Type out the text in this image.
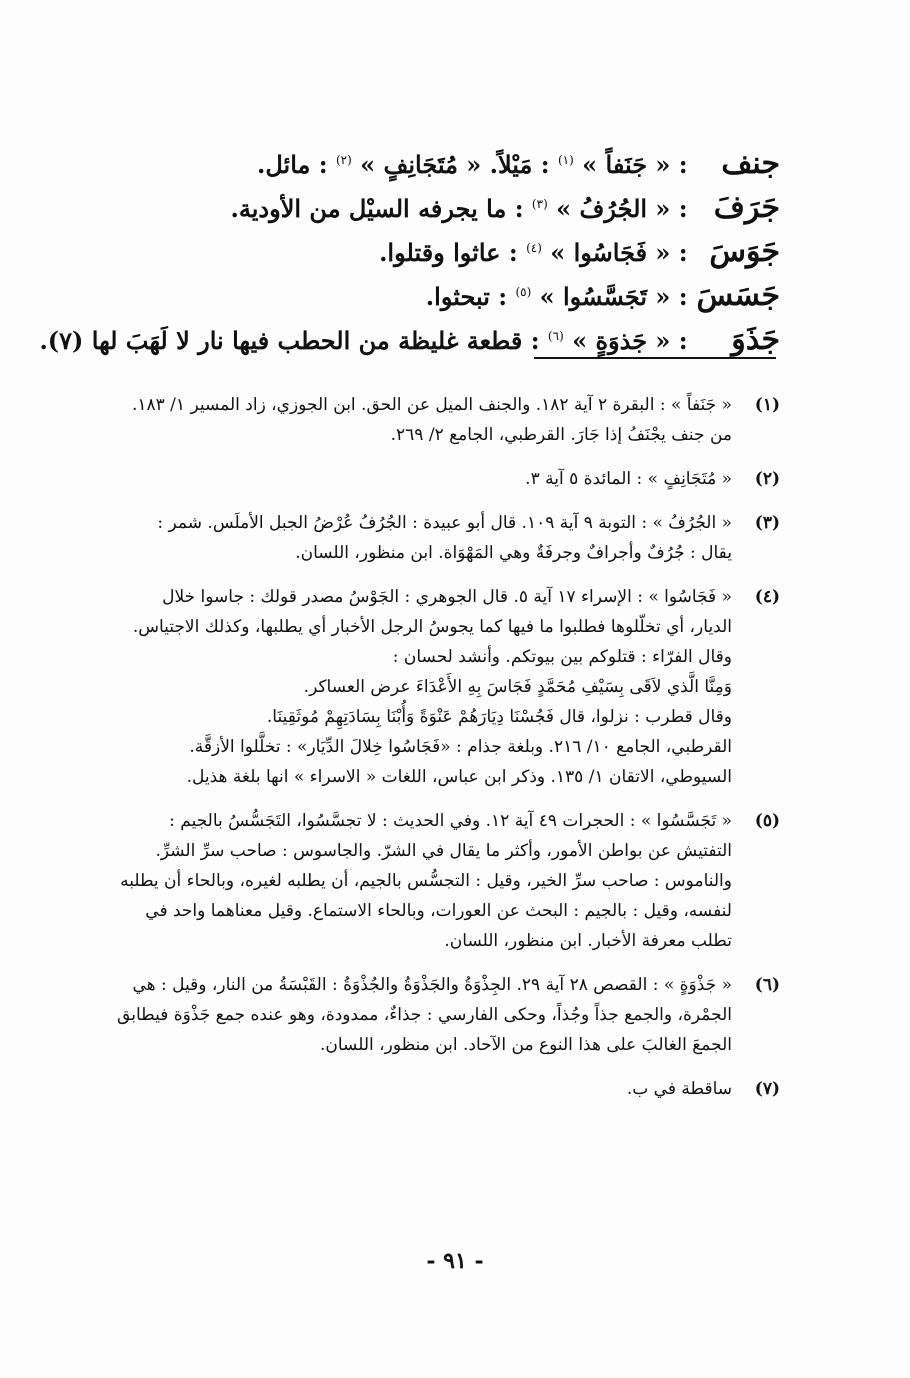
جنف : « جَنَفاً » $^{(١)}$ : مَيْلاً. « مُتَجَانِفٍ » $^{(٢)}$ : مائل.
جَرَفَ : « الجُرُفُ » $^{(٣)}$ : ما يجرفه السيْل من الأودية.
جَوَسَ : « فَجَاسُوا » $^{(٤)}$ : عاثوا وقتلوا.
جَسَسَ : « تَجَسَّسُوا » $^{(٥)}$ : تبحثوا.
جَذَوَ : « جَذوَةٍ » $^{(٦)}$ : قطعة غليظة من الحطب فيها نار لا لَهَبَ لها (٧).
(١)
« جَنَفاً » : البقرة ٢ آية ١٨٢. والجنف الميل عن الحق. ابن الجوزي، زاد المسير ١/ ١٨٣.
من جنف يجْنَفُ إذا جَارَ. القرطبي، الجامع ٢/ ٢٦٩.
(٢)
« مُتَجَانِفٍ » : المائدة ٥ آية ٣.
(٣)
« الجُرُفُ » : التوبة ٩ آية ١٠٩. قال أبو عبيدة : الجُرُفُ عُرْضُ الجبل الأملَس. شمر :
يقال : جُرُفٌ وأجرافٌ وجرفَةٌ وهي المَهْوَاة. ابن منظور، اللسان.
(٤)
« فَجَاسُوا » : الإسراء ١٧ آية ٥. قال الجوهري : الجَوْسُ مصدر قولك : جاسوا خلال
الديار، أي تخلّلوها فطلبوا ما فيها كما يجوسُ الرجل الأخبار أي يطلبها، وكذلك الاجتياس.
وقال الفرّاء : قتلوكم بين بيوتكم. وأنشد لحسان :
وَمِنَّا الَّذي لاَقَى بِسَيْفِ مُحَمَّدٍ فَجَاسَ بِهِ الأَعْدَاءَ عرض العساكر.
وقال قطرب : نزلوا، قال فَجُسْنَا دِيَارَهُمْ عَنْوَةً وَأُبْنَا بِسَادَتِهِمْ مُوثَقِينَا.
القرطبي، الجامع ١٠/ ٢١٦. وبلغة جذام : «فَجَاسُوا خِلالَ الدِّيَار» : تخلَّلوا الأزقَّة.
السيوطي، الاتقان ١/ ١٣٥. وذكر ابن عباس، اللغات « الاسراء » انها بلغة هذيل.
(٥)
« تَجَسَّسُوا » : الحجرات ٤٩ آية ١٢. وفي الحديث : لا تجسَّسُوا، التَجَسُّسُ بالجيم :
التفتيش عن بواطن الأمور، وأكثر ما يقال في الشرّ. والجاسوس : صاحب سرِّ الشرِّ.
والناموس : صاحب سرِّ الخير، وقيل : التجسُّس بالجيم، أن يطلبه لغيره، وبالحاء أن يطلبه
لنفسه، وقيل : بالجيم : البحث عن العورات، وبالحاء الاستماع. وقيل معناهما واحد في
تطلب معرفة الأخبار. ابن منظور، اللسان.
(٦)
« جَذْوَةٍ » : القصص ٢٨ آية ٢٩. الجِذْوَةُ والجَذْوَةُ والجُذْوَةُ : القَبْسَةُ من النار، وقيل : هي
الجمْرة، والجمع جذاً وجُذاً، وحكى الفارسي : جذاءٌ، ممدودة، وهو عنده جمع جَذْوَة فيطابق
الجمعَ الغالبَ على هذا النوع من الآحاد. ابن منظور، اللسان.
(٧)
ساقطة في ب.
- ٩١ -
